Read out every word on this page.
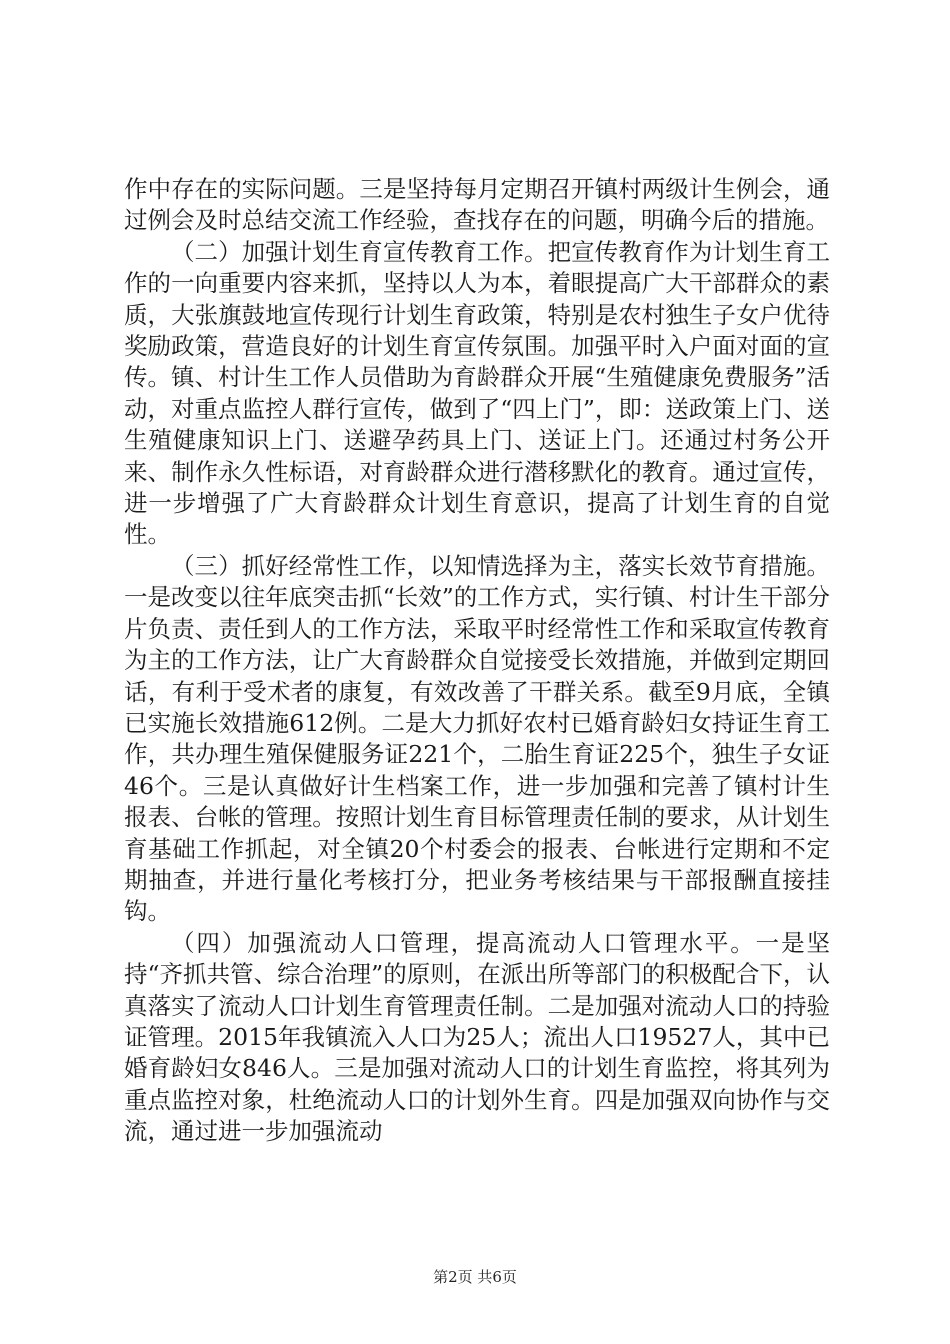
作中存在的实际问题。三是坚持每月定期召开镇村两级计生例会，通过例会及时总结交流工作经验，查找存在的问题，明确今后的措施。

（二）加强计划生育宣传教育工作。把宣传教育作为计划生育工作的一向重要内容来抓，坚持以人为本，着眼提高广大干部群众的素质，大张旗鼓地宣传现行计划生育政策，特别是农村独生子女户优待奖励政策，营造良好的计划生育宣传氛围。加强平时入户面对面的宣传。镇、村计生工作人员借助为育龄群众开展“生殖健康免费服务”活动，对重点监控人群行宣传，做到了“四上门”，即：送政策上门、送生殖健康知识上门、送避孕药具上门、送证上门。还通过村务公开来、制作永久性标语，对育龄群众进行潜移默化的教育。通过宣传，进一步增强了广大育龄群众计划生育意识，提高了计划生育的自觉性。

（三）抓好经常性工作，以知情选择为主，落实长效节育措施。一是改变以往年底突击抓“长效”的工作方式，实行镇、村计生干部分片负责、责任到人的工作方法，采取平时经常性工作和采取宣传教育为主的工作方法，让广大育龄群众自觉接受长效措施，并做到定期回话，有利于受术者的康复，有效改善了干群关系。截至9月底，全镇已实施长效措施612例。二是大力抓好农村已婚育龄妇女持证生育工作，共办理生殖保健服务证221个，二胎生育证225个，独生子女证46个。三是认真做好计生档案工作，进一步加强和完善了镇村计生报表、台帐的管理。按照计划生育目标管理责任制的要求，从计划生育基础工作抓起，对全镇20个村委会的报表、台帐进行定期和不定期抽查，并进行量化考核打分，把业务考核结果与干部报酬直接挂钩。

（四）加强流动人口管理，提高流动人口管理水平。一是坚持“齐抓共管、综合治理”的原则，在派出所等部门的积极配合下，认真落实了流动人口计划生育管理责任制。二是加强对流动人口的持验证管理。2015年我镇流入人口为25人；流出人口19527人，其中已婚育龄妇女846人。三是加强对流动人口的计划生育监控，将其列为重点监控对象，杜绝流动人口的计划外生育。四是加强双向协作与交流，通过进一步加强流动

第2页 共6页
